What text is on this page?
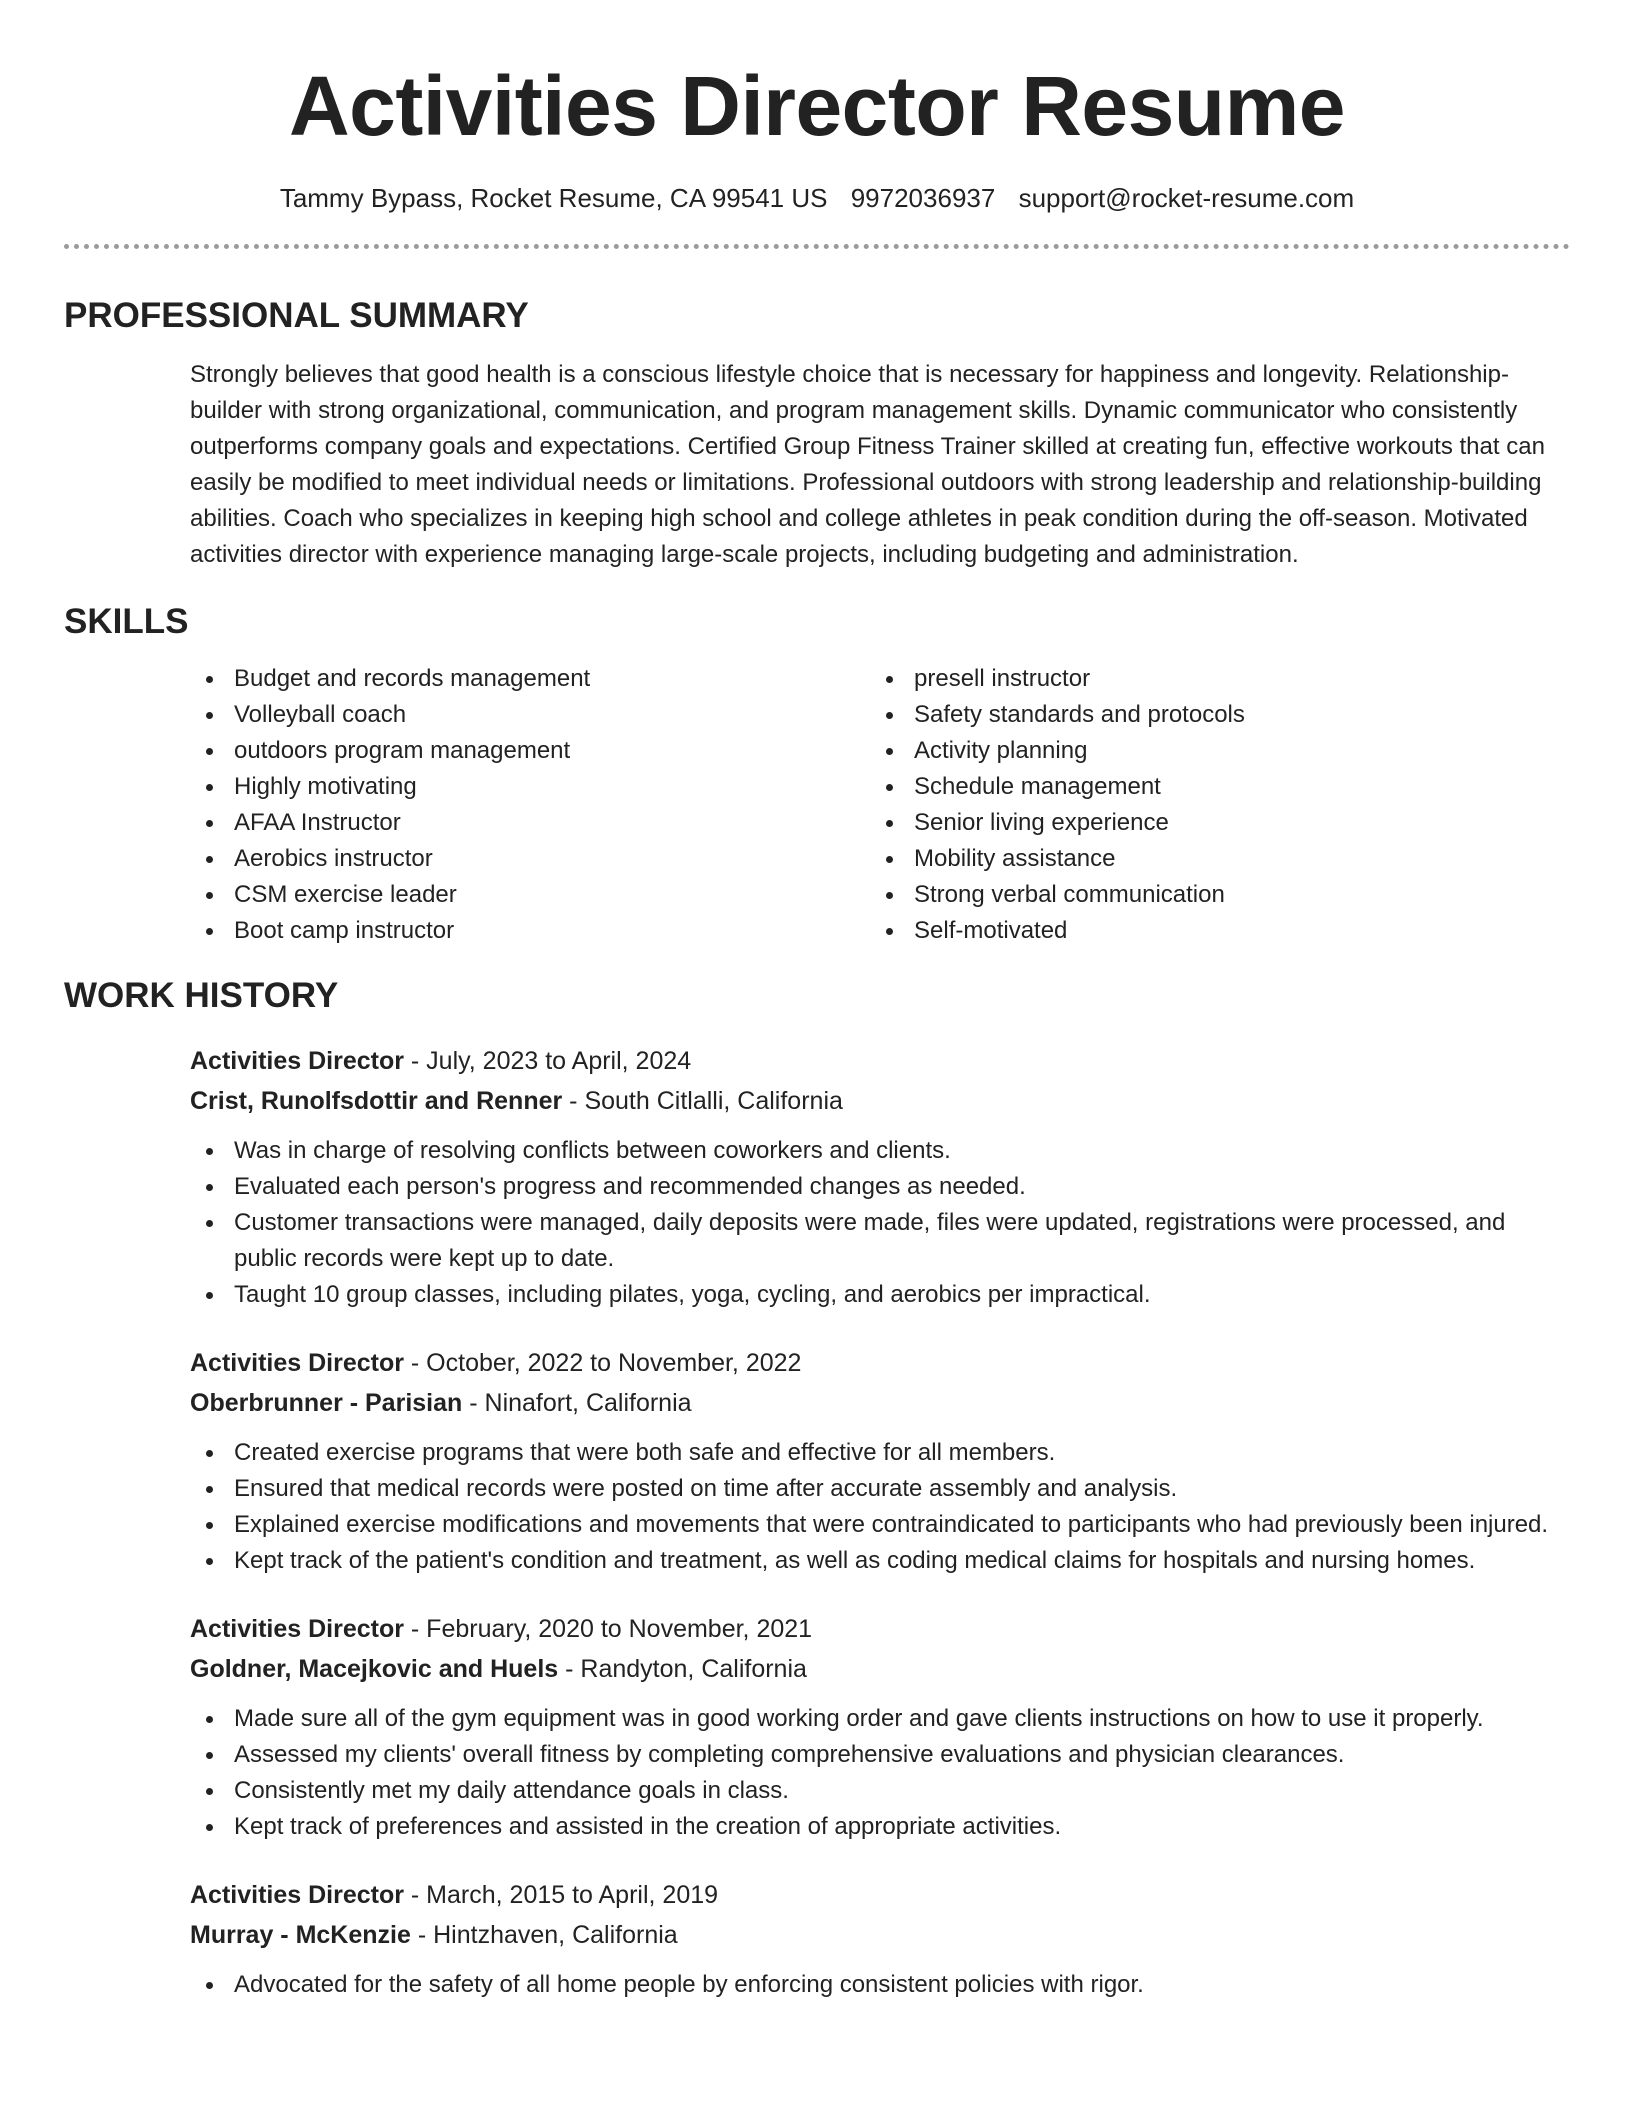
Activities Director Resume
Tammy Bypass, Rocket Resume, CA 99541 US 9972036937 support@rocket-resume.com
PROFESSIONAL SUMMARY
Strongly believes that good health is a conscious lifestyle choice that is necessary for happiness and longevity. Relationship-builder with strong organizational, communication, and program management skills. Dynamic communicator who consistently outperforms company goals and expectations. Certified Group Fitness Trainer skilled at creating fun, effective workouts that can easily be modified to meet individual needs or limitations. Professional outdoors with strong leadership and relationship-building abilities. Coach who specializes in keeping high school and college athletes in peak condition during the off-season. Motivated activities director with experience managing large-scale projects, including budgeting and administration.
SKILLS
Budget and records management
Volleyball coach
outdoors program management
Highly motivating
AFAA Instructor
Aerobics instructor
CSM exercise leader
Boot camp instructor
presell instructor
Safety standards and protocols
Activity planning
Schedule management
Senior living experience
Mobility assistance
Strong verbal communication
Self-motivated
WORK HISTORY
Activities Director - July, 2023 to April, 2024
Crist, Runolfsdottir and Renner - South Citlalli, California
Was in charge of resolving conflicts between coworkers and clients.
Evaluated each person's progress and recommended changes as needed.
Customer transactions were managed, daily deposits were made, files were updated, registrations were processed, and public records were kept up to date.
Taught 10 group classes, including pilates, yoga, cycling, and aerobics per impractical.
Activities Director - October, 2022 to November, 2022
Oberbrunner - Parisian - Ninafort, California
Created exercise programs that were both safe and effective for all members.
Ensured that medical records were posted on time after accurate assembly and analysis.
Explained exercise modifications and movements that were contraindicated to participants who had previously been injured.
Kept track of the patient's condition and treatment, as well as coding medical claims for hospitals and nursing homes.
Activities Director - February, 2020 to November, 2021
Goldner, Macejkovic and Huels - Randyton, California
Made sure all of the gym equipment was in good working order and gave clients instructions on how to use it properly.
Assessed my clients' overall fitness by completing comprehensive evaluations and physician clearances.
Consistently met my daily attendance goals in class.
Kept track of preferences and assisted in the creation of appropriate activities.
Activities Director - March, 2015 to April, 2019
Murray - McKenzie - Hintzhaven, California
Advocated for the safety of all home people by enforcing consistent policies with rigor.
